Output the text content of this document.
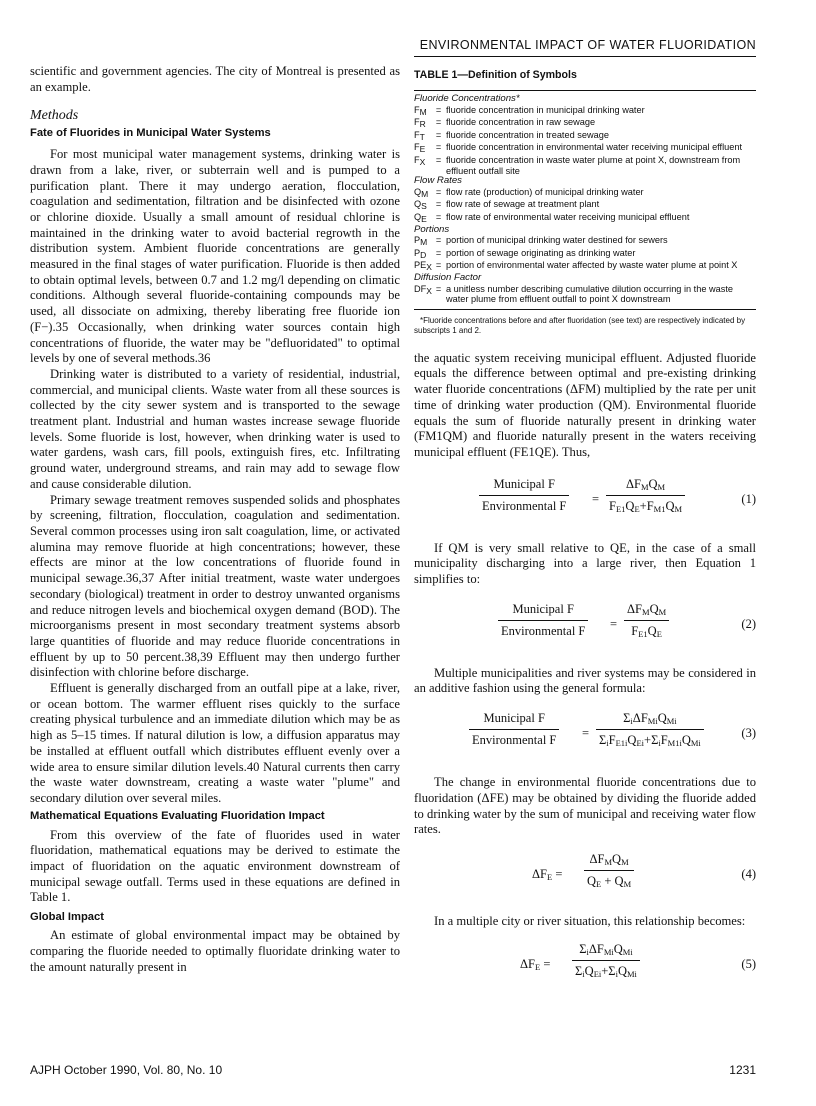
ENVIRONMENTAL IMPACT OF WATER FLUORIDATION

scientific and government agencies. The city of Montreal is presented as an example.

Methods
Fate of Fluorides in Municipal Water Systems

For most municipal water management systems, drinking water is drawn from a lake, river, or subterrain well and is pumped to a purification plant. There it may undergo aeration, flocculation, coagulation and sedimentation, filtration and be disinfected with ozone or chlorine dioxide. Usually a small amount of residual chlorine is maintained in the drinking water to avoid bacterial regrowth in the distribution system. Ambient fluoride concentrations are generally measured in the final stages of water purification. Fluoride is then added to obtain optimal levels, between 0.7 and 1.2 mg/l depending on climatic conditions. Although several fluoride-containing compounds may be used, all dissociate on admixing, thereby liberating free fluoride ion (F−).35 Occasionally, when drinking water sources contain high concentrations of fluoride, the water may be "defluoridated" to optimal levels by one of several methods.36

Drinking water is distributed to a variety of residential, industrial, commercial, and municipal clients. Waste water from all these sources is collected by the city sewer system and is transported to the sewage treatment plant. Industrial and human wastes increase sewage fluoride levels. Some fluoride is lost, however, when drinking water is used to water gardens, wash cars, fill pools, extinguish fires, etc. Infiltrating ground water, underground streams, and rain may add to sewage flow and cause considerable dilution.

Primary sewage treatment removes suspended solids and phosphates by screening, filtration, flocculation, coagulation and sedimentation. Several common processes using iron salt coagulation, lime, or activated alumina may remove fluoride at high concentrations; however, these effects are minor at the low concentrations of fluoride found in municipal sewage.36,37 After initial treatment, waste water undergoes secondary (biological) treatment in order to destroy unwanted organisms and reduce nitrogen levels and biochemical oxygen demand (BOD). The microorganisms present in most secondary treatment systems absorb large quantities of fluoride and may reduce fluoride concentrations in effluent by up to 50 percent.38,39 Effluent may then undergo further disinfection with chlorine before discharge.

Effluent is generally discharged from an outfall pipe at a lake, river, or ocean bottom. The warmer effluent rises quickly to the surface creating physical turbulence and an immediate dilution which may be as high as 5–15 times. If natural dilution is low, a diffusion apparatus may be installed at effluent outfall which distributes effluent evenly over a wide area to ensure similar dilution levels.40 Natural currents then carry the waste water downstream, creating a waste water "plume" and secondary dilution over several miles.

Mathematical Equations Evaluating Fluoridation Impact

From this overview of the fate of fluorides used in water fluoridation, mathematical equations may be derived to estimate the impact of fluoridation on the aquatic environment downstream of municipal sewage outfall. Terms used in these equations are defined in Table 1.

Global Impact

An estimate of global environmental impact may be obtained by comparing the fluoride needed to optimally fluoridate drinking water to the amount naturally present in

TABLE 1—Definition of Symbols
Fluoride Concentrations*
$F_M$ = fluoride concentration in municipal drinking water
$F_R$	= fluoride concentration in raw sewage
$F_T$	= fluoride concentration in treated sewage
$F_E$	= fluoride concentration in environmental water receiving municipal effluent
$F_X$	= fluoride concentration in waste water plume at point X, downstream from effluent outfall site
Flow Rates
$Q_M$ = flow rate (production) of municipal drinking water
$Q_S$ = flow rate of sewage at treatment plant
$Q_E$ = flow rate of environmental water receiving municipal effluent
Portions
$P_M$ = portion of municipal drinking water destined for sewers
$P_D$	= portion of sewage originating as drinking water
$PE_X$ = portion of environmental water affected by waste water plume at point X
Diffusion Factor
$DF_X = a$ unitless number describing cumulative dilution occurring in the waste water plume from effluent outfall to point X downstream
*Fluoride concentrations before and after fluoridation (see text) are respectively indicated by subscripts 1 and 2.

the aquatic system receiving municipal effluent. Adjusted fluoride equals the difference between optimal and pre-existing drinking water fluoride concentrations (ΔFM) multiplied by the rate per unit time of drinking water production (QM). Environmental fluoride equals the sum of fluoride naturally present in drinking water (FM1QM) and fluoride naturally present in the waters receiving municipal effluent (FE1QE). Thus,

Municipal F
Environmental F =
$\Delta F_MQ_M$
$F_{E1}Q_E+F_{M1}Q_M$
(1)

If QM is very small relative to QE, in the case of a small municipality discharging into a large river, then Equation 1 simplifies to:

Municipal F
Environmental F =
$\Delta F_MQ_M$
$F_{E1}Q_E$
(2)

Multiple municipalities and river systems may be considered in an additive fashion using the general formula:

Municipal F
Environmental F =
$\Sigma_i\Delta F_{Mi}Q_{Mi}$
$\Sigma_iF_{E1i}Q_{Ei}+\Sigma_iF_{M1i}Q_{Mi}$
(3)

The change in environmental fluoride concentrations due to fluoridation (ΔFE) may be obtained by dividing the fluoride added to drinking water by the sum of municipal and receiving water flow rates.

$\Delta F_E$ =
$\Delta F_MQ_M$
$Q_E + Q_M$
(4)

In a multiple city or river situation, this relationship becomes:

$\Delta F_E$ =
$\Sigma_i\Delta F_{Mi}Q_{Mi}$
$\Sigma_iQ_{Ei}+\Sigma_iQ_{Mi}$
(5)
AJPH October 1990, Vol. 80, No. 10	1231
